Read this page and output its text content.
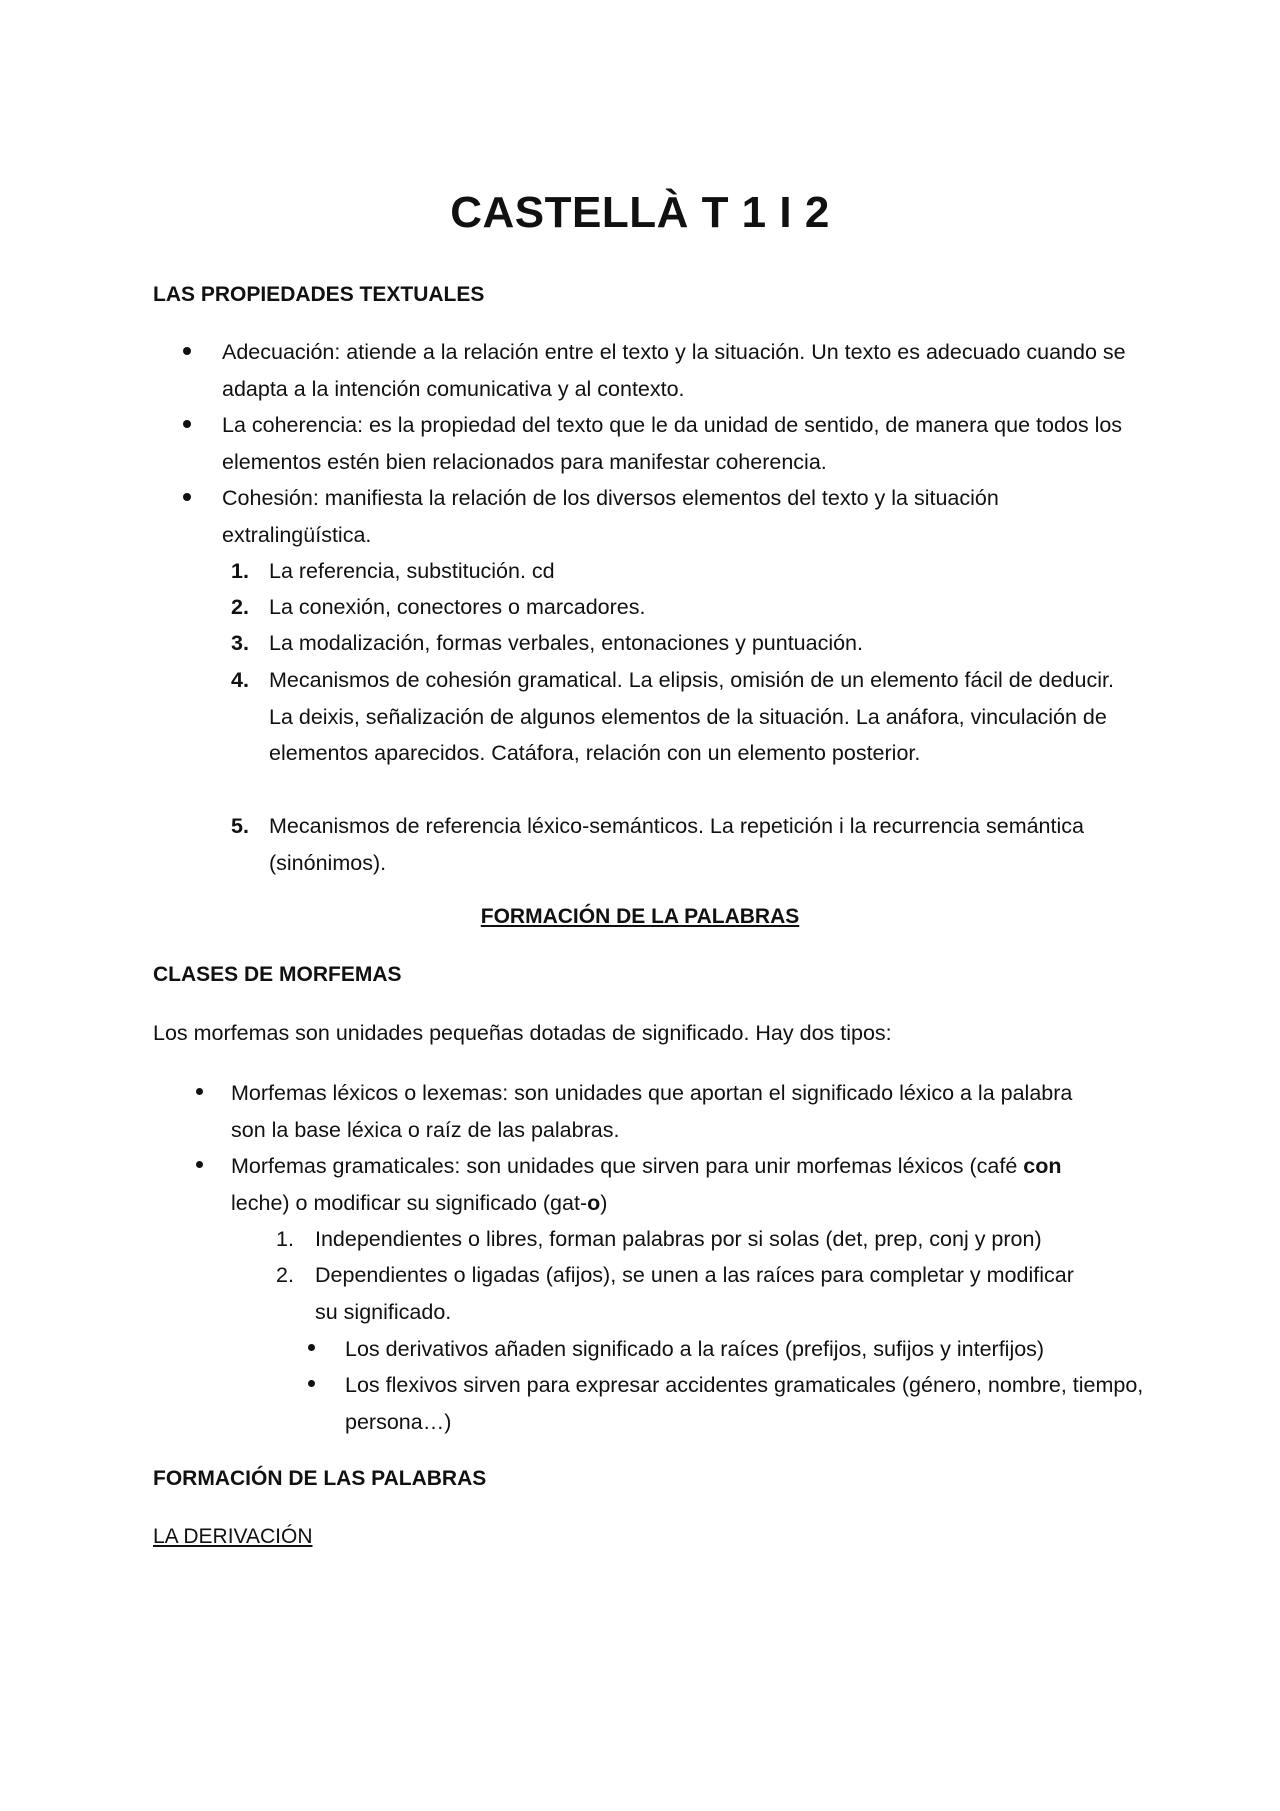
CASTELLÀ T 1 I 2
LAS PROPIEDADES TEXTUALES
Adecuación: atiende a la relación entre el texto y la situación. Un texto es adecuado cuando se adapta a la intención comunicativa y al contexto.
La coherencia: es la propiedad del texto que le da unidad de sentido, de manera que todos los elementos estén bien relacionados para manifestar coherencia.
Cohesión: manifiesta la relación de los diversos elementos del texto y la situación extralingüística.
1. La referencia, substitución. cd
2. La conexión, conectores o marcadores.
3. La modalización, formas verbales, entonaciones y puntuación.
4. Mecanismos de cohesión gramatical. La elipsis, omisión de un elemento fácil de deducir. La deixis, señalización de algunos elementos de la situación. La anáfora, vinculación de elementos aparecidos. Catáfora, relación con un elemento posterior.
5. Mecanismos de referencia léxico-semánticos. La repetición i la recurrencia semántica (sinónimos).
FORMACIÓN DE LA PALABRAS
CLASES DE MORFEMAS

Los morfemas son unidades pequeñas dotadas de significado. Hay dos tipos:

Morfemas léxicos o lexemas: son unidades que aportan el significado léxico a la palabra son la base léxica o raíz de las palabras.
Morfemas gramaticales: son unidades que sirven para unir morfemas léxicos (café con leche) o modificar su significado (gat-o)
1. Independientes o libres, forman palabras por si solas (det, prep, conj y pron)
2. Dependientes o ligadas (afijos), se unen a las raíces para completar y modificar su significado.
Los derivativos añaden significado a la raíces (prefijos, sufijos y interfijos)
Los flexivos sirven para expresar accidentes gramaticales (género, nombre, tiempo, persona…)
FORMACIÓN DE LAS PALABRAS
LA DERIVACIÓN
